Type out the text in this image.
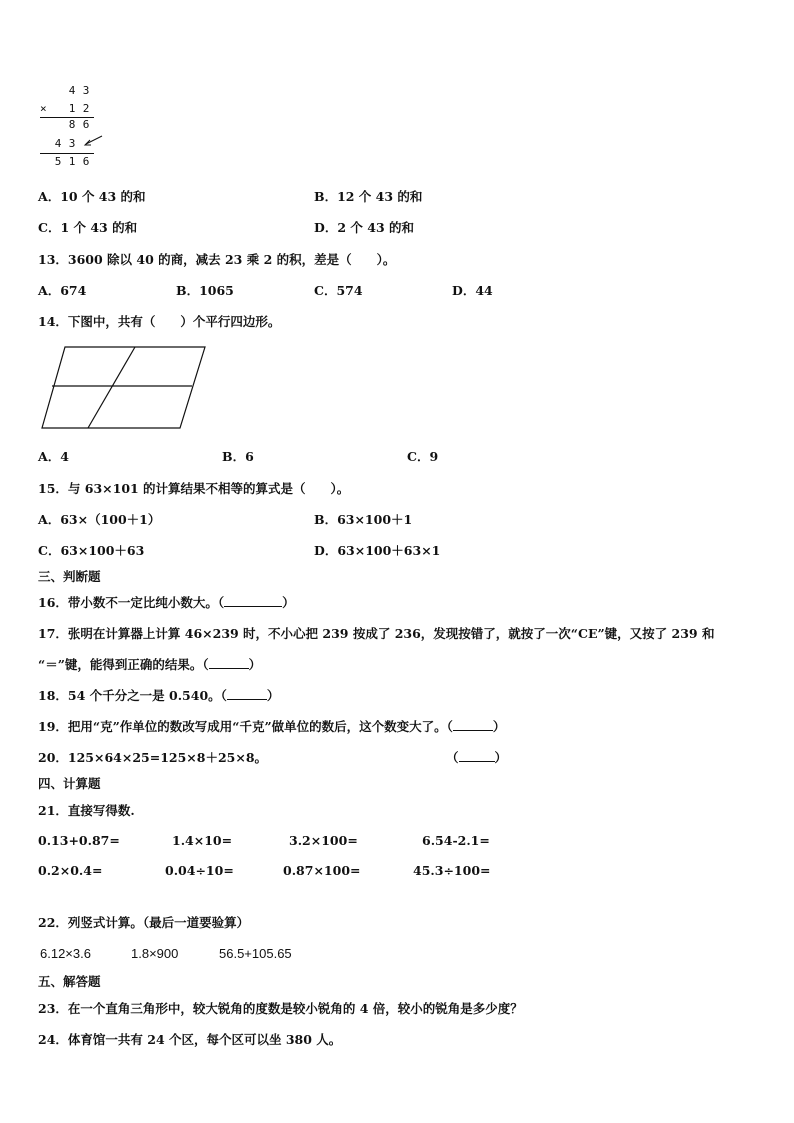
4 3
× 1 2
8 6
4 3
5 1 6
A．10 个 43 的和	B．12 个 43 的和
C．1 个 43 的和	D．2 个 43 的和
13．3600 除以 40 的商，减去 23 乘 2 的积，差是（　　）。
A．674	B．1065	C．574	D．44
14．下图中，共有（　　）个平行四边形。
A．4	B．6	C．9
15．与 63×101 的计算结果不相等的算式是（　　）。
A．63×（100＋1）	B．63×100＋1
C．63×100＋63	D．63×100＋63×1
三、判断题
16．带小数不一定比纯小数大。（	）
17．张明在计算器上计算 46×239 时，不小心把 239 按成了 236，发现按错了，就按了一次“CE”键，又按了 239 和
“＝”键，能得到正确的结果。（	）
18．54 个千分之一是 0.540。（	）
19．把用“克”作单位的数改写成用“千克”做单位的数后，这个数变大了。（	）
20．125×64×25=125×8＋25×8。	（	）
四、计算题
21．直接写得数.
0.13+0.87=	1.4×10=	3.2×100=	6.54-2.1=
0.2×0.4=	0.04÷10=	0.87×100=	45.3÷100=
22．列竖式计算。（最后一道要验算）
6.12×3.6	1.8×900	56.5+105.65
五、解答题
23．在一个直角三角形中，较大锐角的度数是较小锐角的 4 倍，较小的锐角是多少度？
24．体育馆一共有 24 个区，每个区可以坐 380 人。
